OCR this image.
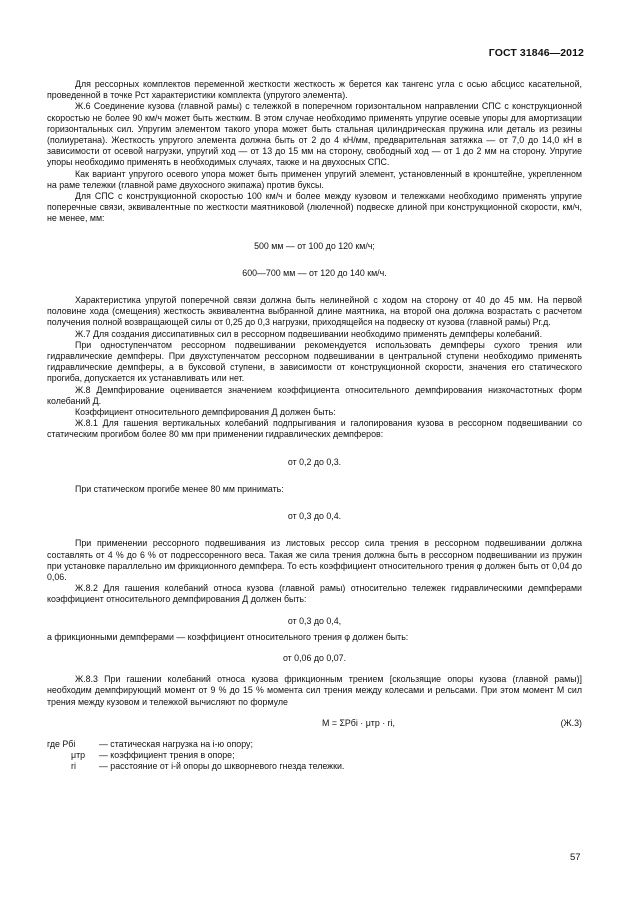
ГОСТ 31846—2012

Для рессорных комплектов переменной жесткости жесткость ж берется как тангенс угла с осью абсцисс касательной, проведенной в точке Pст характеристики комплекта (упругого элемента).

Ж.6 Соединение кузова (главной рамы) с тележкой в поперечном горизонтальном направлении СПС с конструкционной скоростью не более 90 км/ч может быть жестким. В этом случае необходимо применять упругие осевые упоры для амортизации горизонтальных сил. Упругим элементом такого упора может быть стальная цилиндрическая пружина или деталь из резины (полиуретана). Жесткость упругого элемента должна быть от 2 до 4 кН/мм, предварительная затяжка — от 7,0 до 14,0 кН в зависимости от осевой нагрузки, упругий ход — от 13 до 15 мм на сторону, свободный ход — от 1 до 2 мм на сторону. Упругие упоры необходимо применять в необходимых случаях, также и на двухосных СПС.

Как вариант упругого осевого упора может быть применен упругий элемент, установленный в кронштейне, укрепленном на раме тележки (главной раме двухосного экипажа) против буксы.

Для СПС с конструкционной скоростью 100 км/ч и более между кузовом и тележками необходимо применять упругие поперечные связи, эквивалентные по жесткости маятниковой (люлечной) подвеске длиной при конструкционной скорости, км/ч, не менее, мм:

500 мм — от 100 до 120 км/ч;

600—700 мм — от 120 до 140 км/ч.

Характеристика упругой поперечной связи должна быть нелинейной с ходом на сторону от 40 до 45 мм. На первой половине хода (смещения) жесткость эквивалентна выбранной длине маятника, на второй она должна возрастать с расчетом получения полной возвращающей силы от 0,25 до 0,3 нагрузки, приходящейся на подвеску от кузова (главной рамы) Pг.д.

Ж.7 Для создания диссипативных сил в рессорном подвешивании необходимо применять демпферы колебаний.

При одноступенчатом рессорном подвешивании рекомендуется использовать демпферы сухого трения или гидравлические демпферы. При двухступенчатом рессорном подвешивании в центральной ступени необходимо применять гидравлические демпферы, а в буксовой ступени, в зависимости от конструкционной скорости, значения его статического прогиба, допускается их устанавливать или нет.

Ж.8 Демпфирование оценивается значением коэффициента относительного демпфирования низкочастотных форм колебаний Д.

Коэффициент относительного демпфирования Д должен быть:

Ж.8.1 Для гашения вертикальных колебаний подпрыгивания и галопирования кузова в рессорном подвешивании со статическим прогибом более 80 мм при применении гидравлических демпферов:

от 0,2 до 0,3.

При статическом прогибе менее 80 мм принимать:

от 0,3 до 0,4.

При применении рессорного подвешивания из листовых рессор сила трения в рессорном подвешивании должна составлять от 4 % до 6 % от подрессоренного веса. Такая же сила трения должна быть в рессорном подвешивании из пружин при установке параллельно им фрикционного демпфера. То есть коэффициент относительного трения φ должен быть от 0,04 до 0,06.

Ж.8.2 Для гашения колебаний относа кузова (главной рамы) относительно тележек гидравлическими демпферами коэффициент относительного демпфирования Д должен быть:

от 0,3 до 0,4,

а фрикционными демпферами — коэффициент относительного трения φ должен быть:

от 0,06 до 0,07.

Ж.8.3 При гашении колебаний относа кузова фрикционным трением [скользящие опоры кузова (главной рамы)] необходим демпфирующий момент от 9 % до 15 % момента сил трения между колесами и рельсами. При этом момент M сил трения между кузовом и тележкой вычисляют по формуле

M = ΣPбi · μтр · ri,	(Ж.3)
где Pбi	— статическая нагрузка на i-ю опору;
μтр	— коэффициент трения в опоре;
ri	— расстояние от i-й опоры до шкворневого гнезда тележки.
57
